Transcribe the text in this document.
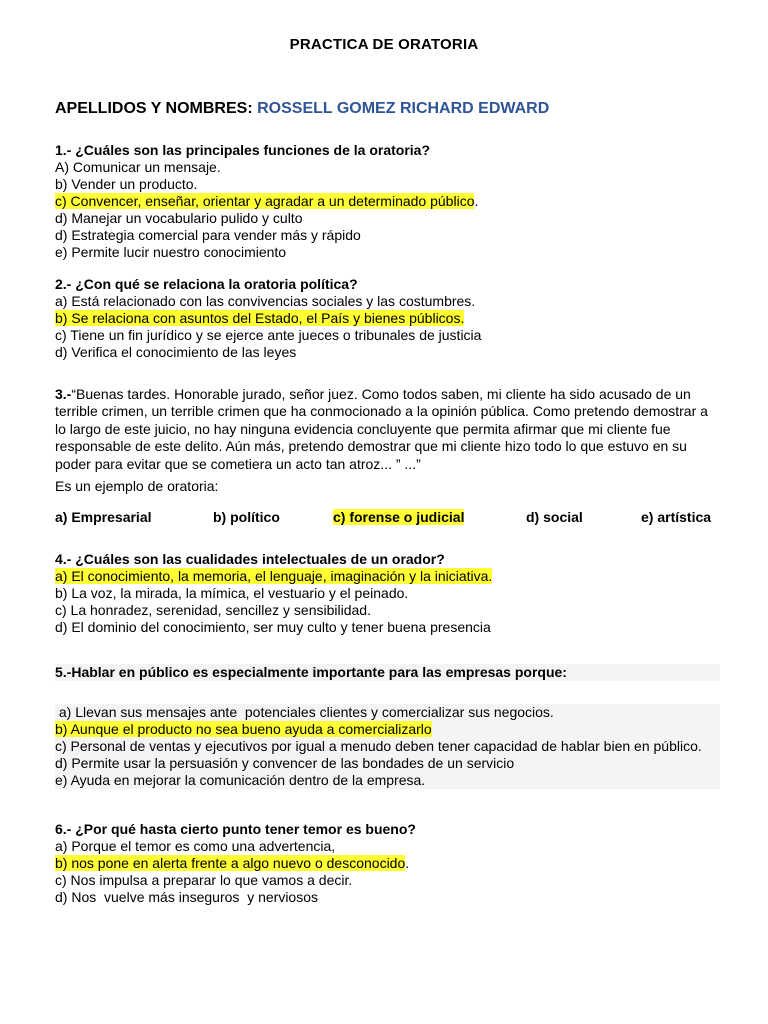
PRACTICA DE ORATORIA
APELLIDOS Y NOMBRES: ROSSELL GOMEZ RICHARD EDWARD
1.- ¿Cuáles son las principales funciones de la oratoria?
A) Comunicar un mensaje.
b) Vender un producto.
c) Convencer, enseñar, orientar y agradar a un determinado público.
d) Manejar un vocabulario pulido y culto
d) Estrategia comercial para vender más y rápido
e) Permite lucir nuestro conocimiento
2.- ¿Con qué se relaciona la oratoria política?
a) Está relacionado con las convivencias sociales y las costumbres.
b) Se relaciona con asuntos del Estado, el País y bienes públicos.
c) Tiene un fin jurídico y se ejerce ante jueces o tribunales de justicia
d) Verifica el conocimiento de las leyes
3.-“Buenas tardes. Honorable jurado, señor juez. Como todos saben, mi cliente ha sido acusado de un terrible crimen, un terrible crimen que ha conmocionado a la opinión pública. Como pretendo demostrar a lo largo de este juicio, no hay ninguna evidencia concluyente que permita afirmar que mi cliente fue responsable de este delito. Aún más, pretendo demostrar que mi cliente hizo todo lo que estuvo en su poder para evitar que se cometiera un acto tan atroz... ” ...”
Es un ejemplo de oratoria:
a) Empresarial	b) político	c) forense o judicial	d) social	e) artística
4.- ¿Cuáles son las cualidades intelectuales de un orador?
a) El conocimiento, la memoria, el lenguaje, imaginación y la iniciativa.
b) La voz, la mirada, la mímica, el vestuario y el peinado.
c) La honradez, serenidad, sencillez y sensibilidad.
d) El dominio del conocimiento, ser muy culto y tener buena presencia
5.-Hablar en público es especialmente importante para las empresas porque:
a) Llevan sus mensajes ante  potenciales clientes y comercializar sus negocios.
b) Aunque el producto no sea bueno ayuda a comercializarlo
c) Personal de ventas y ejecutivos por igual a menudo deben tener capacidad de hablar bien en público.
d) Permite usar la persuasión y convencer de las bondades de un servicio
e) Ayuda en mejorar la comunicación dentro de la empresa.
6.- ¿Por qué hasta cierto punto tener temor es bueno?
a) Porque el temor es como una advertencia,
b) nos pone en alerta frente a algo nuevo o desconocido.
c) Nos impulsa a preparar lo que vamos a decir.
d) Nos  vuelve más inseguros  y nerviosos
